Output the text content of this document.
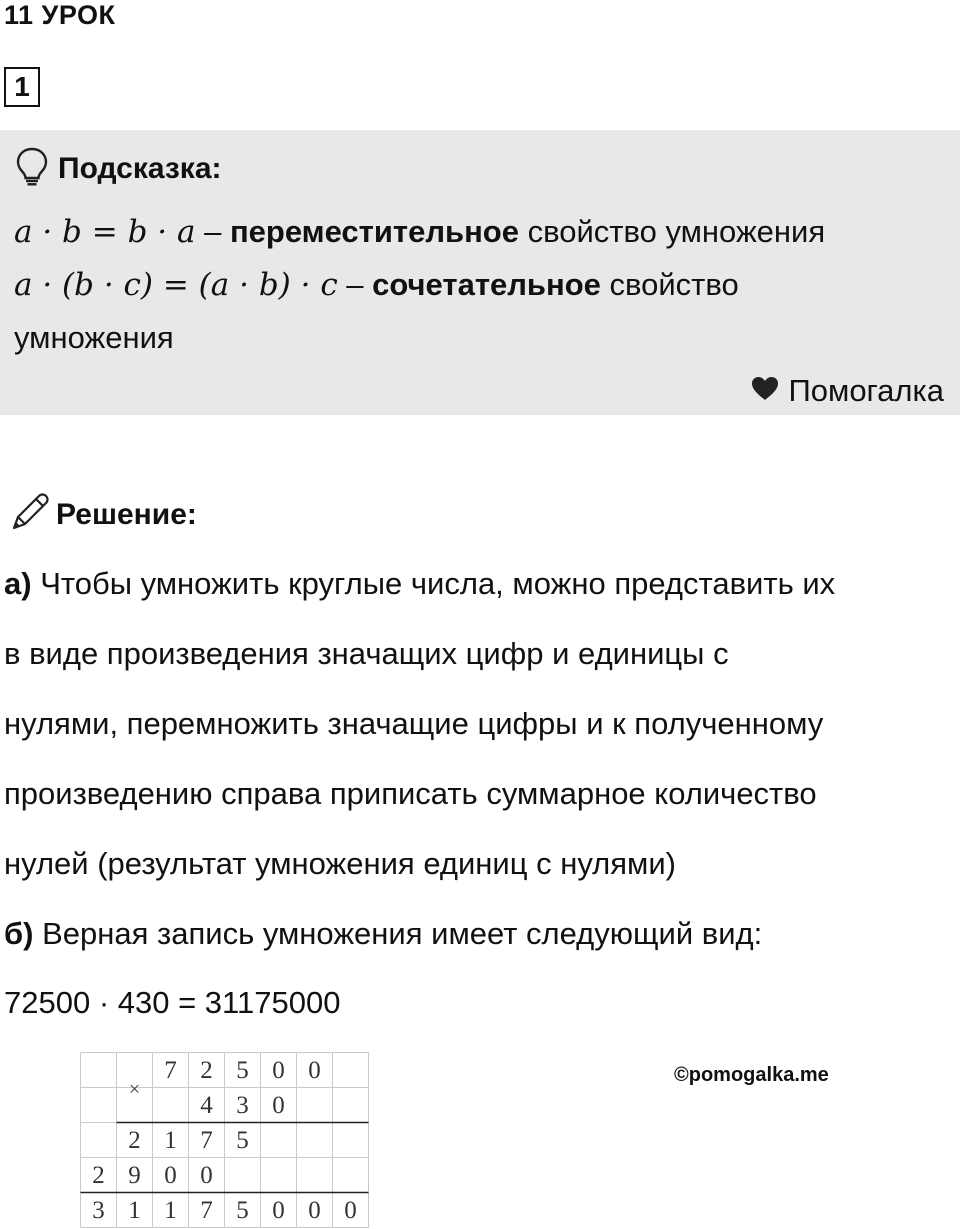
11 УРОК
1
Подсказка:
a · b = b · a – переместительное свойство умножения
a · (b · c) = (a · b) · c – сочетательное свойство
умножения
Помогалка
Решение:
а) Чтобы умножить круглые числа, можно представить их
в виде произведения значащих цифр и единицы с
нулями, перемножить значащие цифры и к полученному
произведению справа приписать суммарное количество
нулей (результат умножения единиц с нулями)
б) Верная запись умножения имеет следующий вид:
72500 · 430 = 31175000
7 2 5 0 0
4 3 0
2 1 7 5
2 9 0 0
3 1 1 7 5 0 0 0
×
©pomogalka.me
